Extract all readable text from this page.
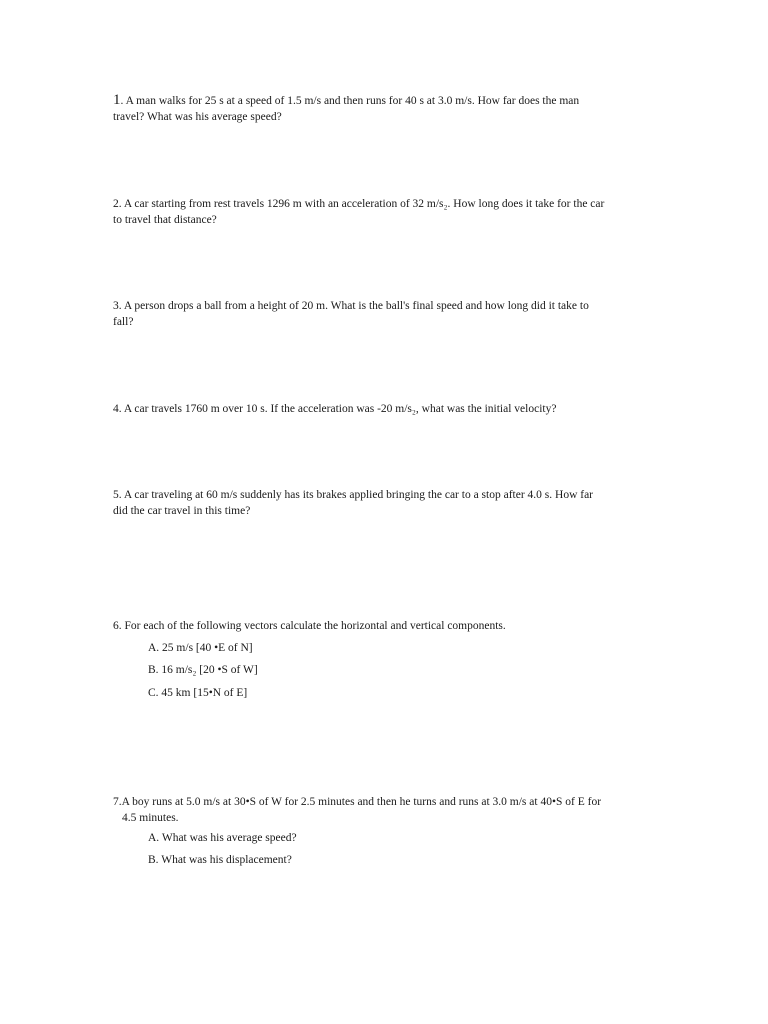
1. A man walks for 25 s at a speed of 1.5 m/s and then runs for 40 s at 3.0 m/s. How far does the man
travel? What was his average speed?
2. A car starting from rest travels 1296 m with an acceleration of 32 m/s₂. How long does it take for the car
to travel that distance?
3. A person drops a ball from a height of 20 m. What is the ball's final speed and how long did it take to
fall?
4. A car travels 1760 m over 10 s. If the acceleration was -20 m/s₂, what was the initial velocity?
5. A car traveling at 60 m/s suddenly has its brakes applied bringing the car to a stop after 4.0 s. How far
did the car travel in this time?
6. For each of the following vectors calculate the horizontal and vertical components.
A. 25 m/s [40 •E of N]
B. 16 m/s₂ [20 •S of W]
C. 45 km [15•N of E]
7.A boy runs at 5.0 m/s at 30•S of W for 2.5 minutes and then he turns and runs at 3.0 m/s at 40•S of E for
4.5 minutes.
A. What was his average speed?
B. What was his displacement?
